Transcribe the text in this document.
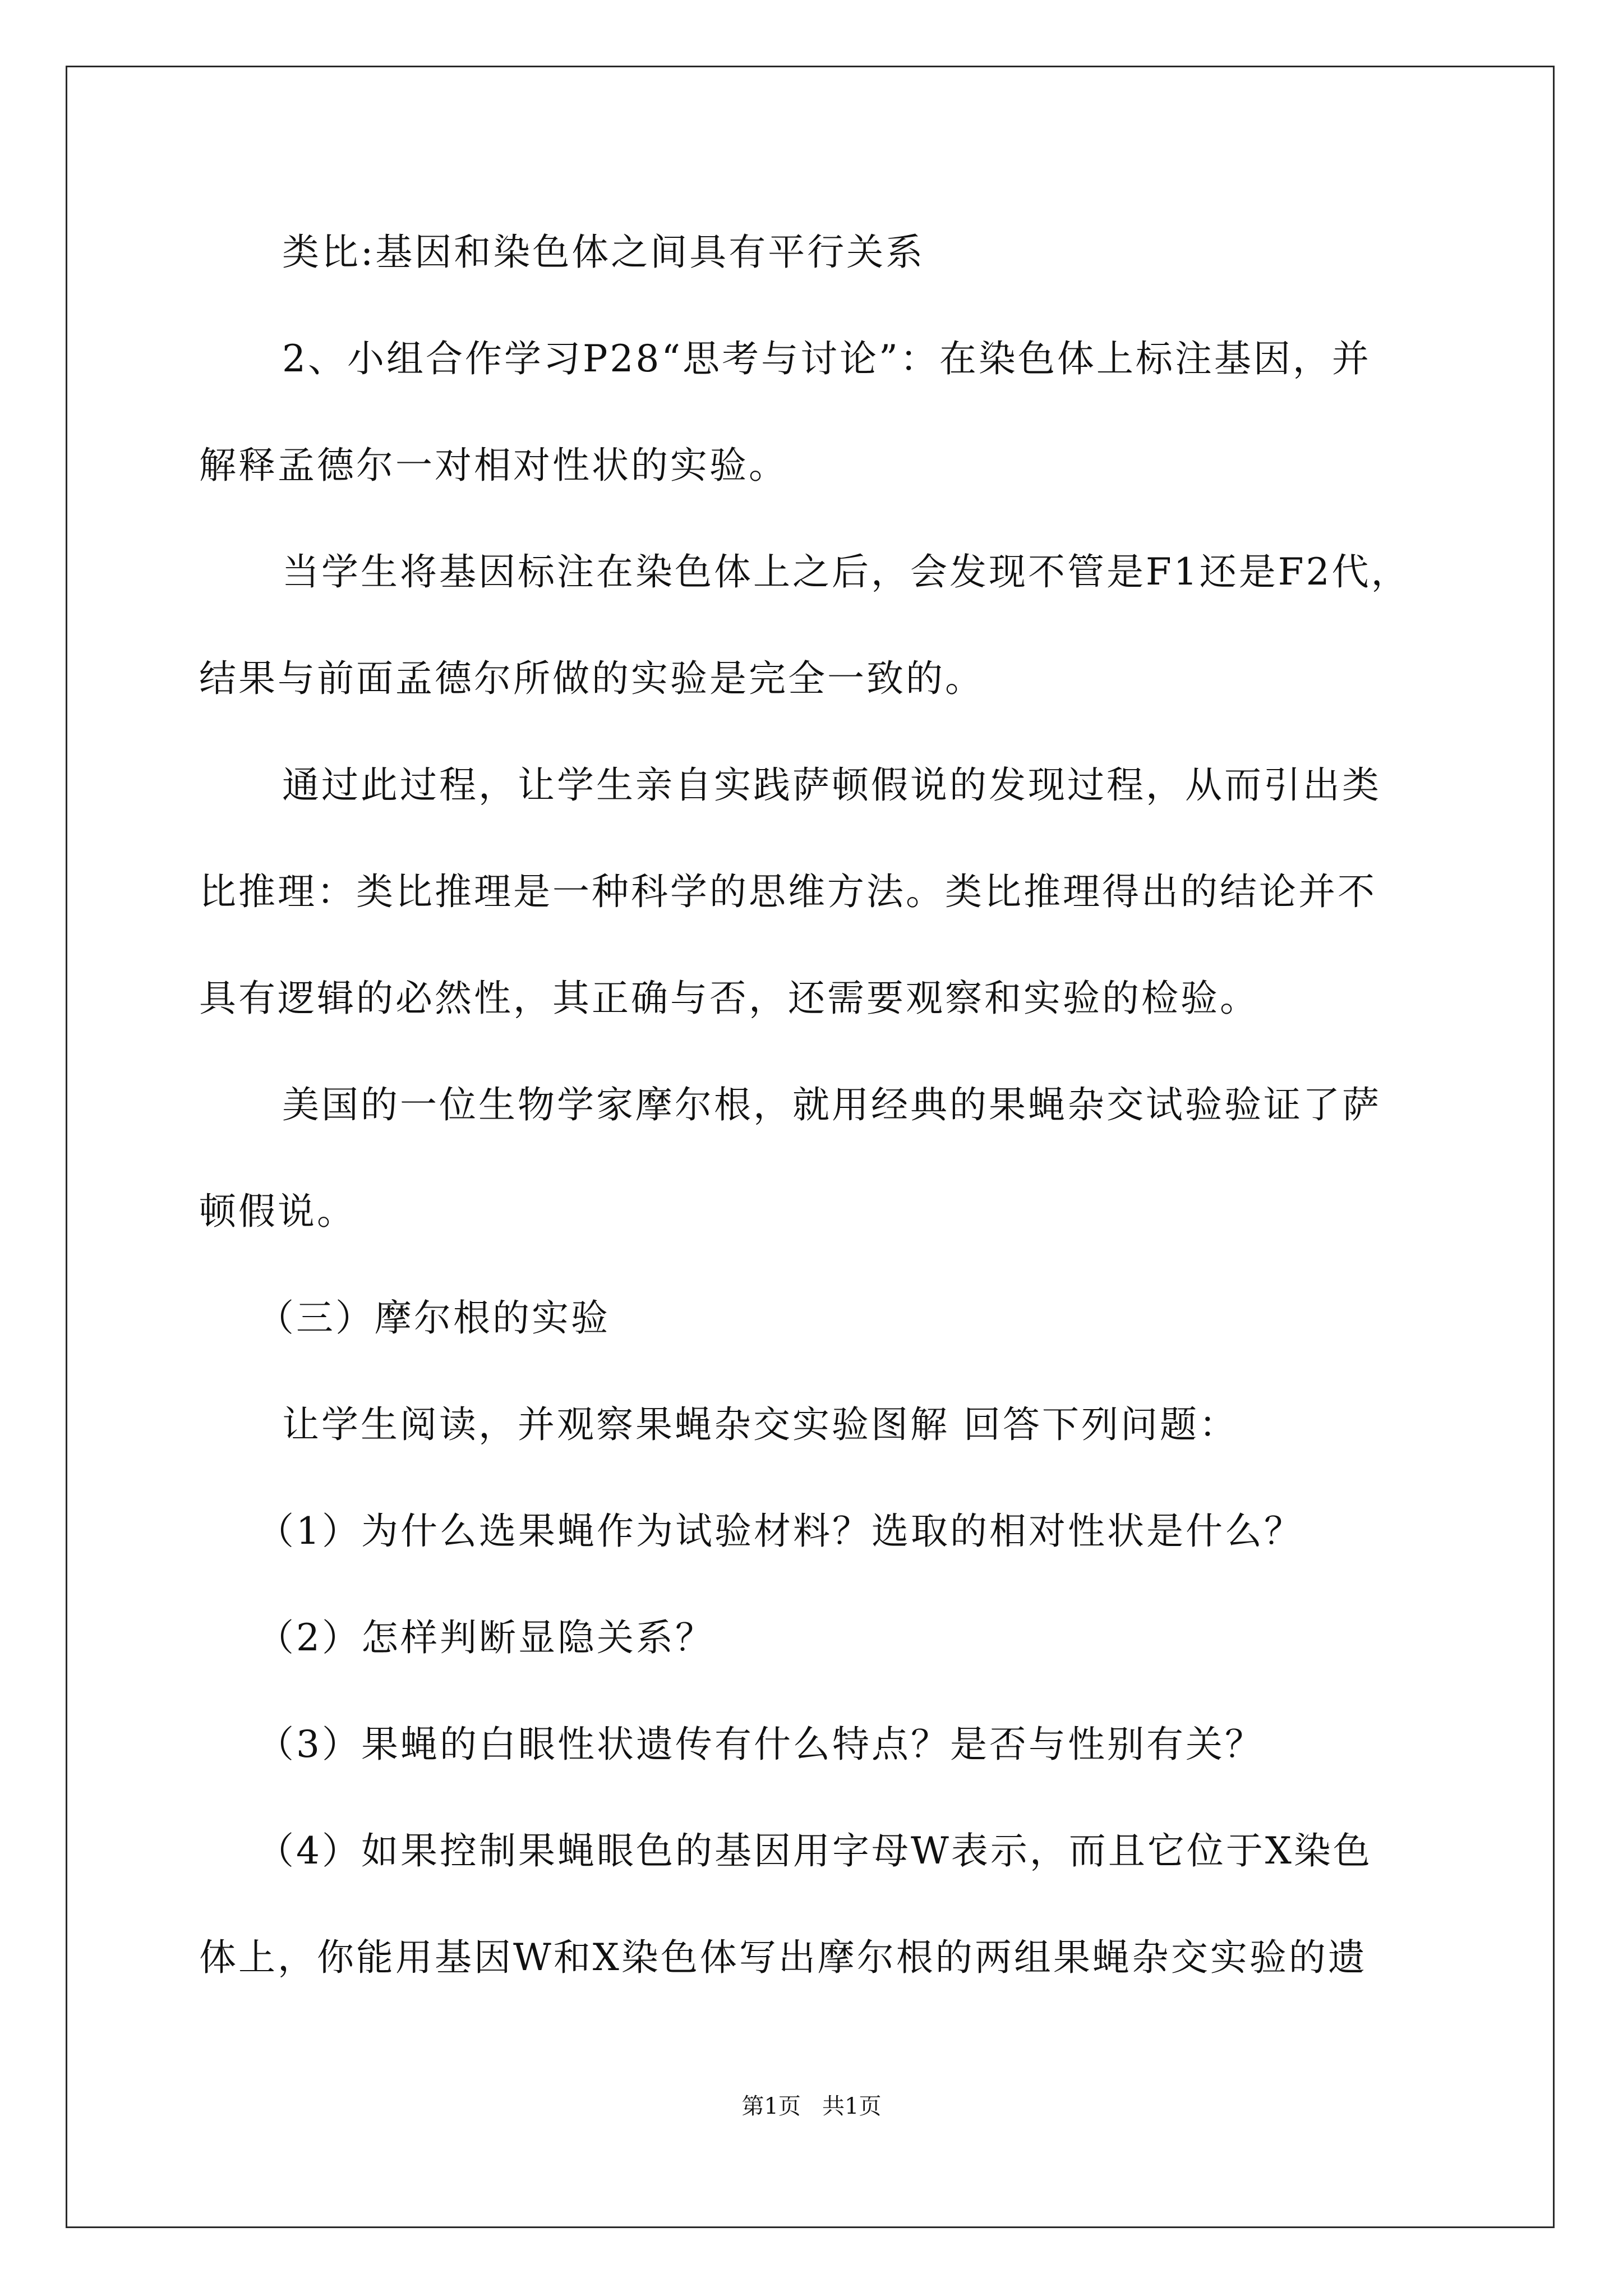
类比:基因和染色体之间具有平行关系
2、小组合作学习P28“思考与讨论”：在染色体上标注基因，并
解释孟德尔一对相对性状的实验。
当学生将基因标注在染色体上之后，会发现不管是F1还是F2代，
结果与前面孟德尔所做的实验是完全一致的。
通过此过程，让学生亲自实践萨顿假说的发现过程，从而引出类
比推理：类比推理是一种科学的思维方法。类比推理得出的结论并不
具有逻辑的必然性，其正确与否，还需要观察和实验的检验。
美国的一位生物学家摩尔根，就用经典的果蝇杂交试验验证了萨
顿假说。
（三）摩尔根的实验
让学生阅读，并观察果蝇杂交实验图解 回答下列问题：
（1）为什么选果蝇作为试验材料？选取的相对性状是什么？
（2）怎样判断显隐关系？
（3）果蝇的白眼性状遗传有什么特点？是否与性别有关？
（4）如果控制果蝇眼色的基因用字母W表示，而且它位于X染色
体上，你能用基因W和X染色体写出摩尔根的两组果蝇杂交实验的遗
第1页   共1页
